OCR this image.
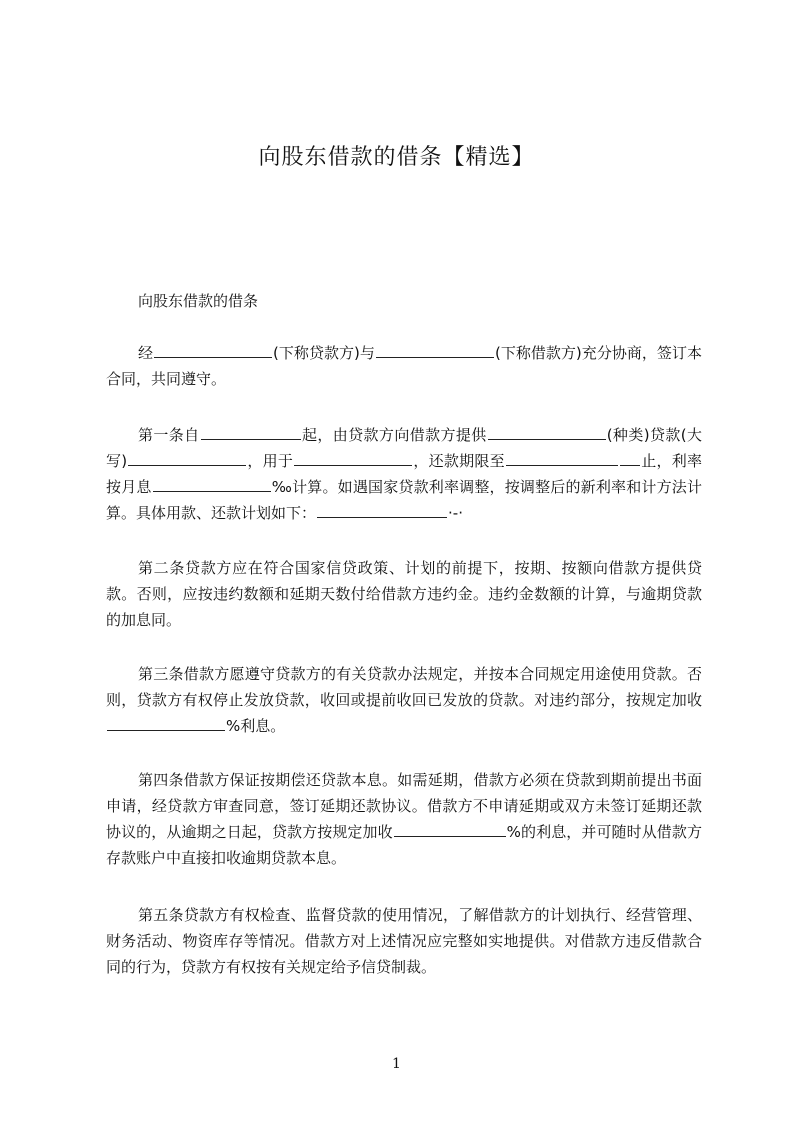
向股东借款的借条【精选】
向股东借款的借条
经	(下称贷款方)与	(下称借款方)充分协商，签订本合同，共同遵守。
第一条自	起，由贷款方向借款方提供	(种类)贷款(大写)	，用于	，还款期限至	止，利率按月息	‰计算。如遇国家贷款利率调整，按调整后的新利率和计方法计算。具体用款、还款计划如下：	·-·
第二条贷款方应在符合国家信贷政策、计划的前提下，按期、按额向借款方提供贷款。否则，应按违约数额和延期天数付给借款方违约金。违约金数额的计算，与逾期贷款的加息同。
第三条借款方愿遵守贷款方的有关贷款办法规定，并按本合同规定用途使用贷款。否则，贷款方有权停止发放贷款，收回或提前收回已发放的贷款。对违约部分，按规定加收%利息。
第四条借款方保证按期偿还贷款本息。如需延期，借款方必须在贷款到期前提出书面申请，经贷款方审查同意，签订延期还款协议。借款方不申请延期或双方未签订延期还款协议的，从逾期之日起，贷款方按规定加收	%的利息，并可随时从借款方存款账户中直接扣收逾期贷款本息。
第五条贷款方有权检查、监督贷款的使用情况，了解借款方的计划执行、经营管理、财务活动、物资库存等情况。借款方对上述情况应完整如实地提供。对借款方违反借款合同的行为，贷款方有权按有关规定给予信贷制裁。
1
